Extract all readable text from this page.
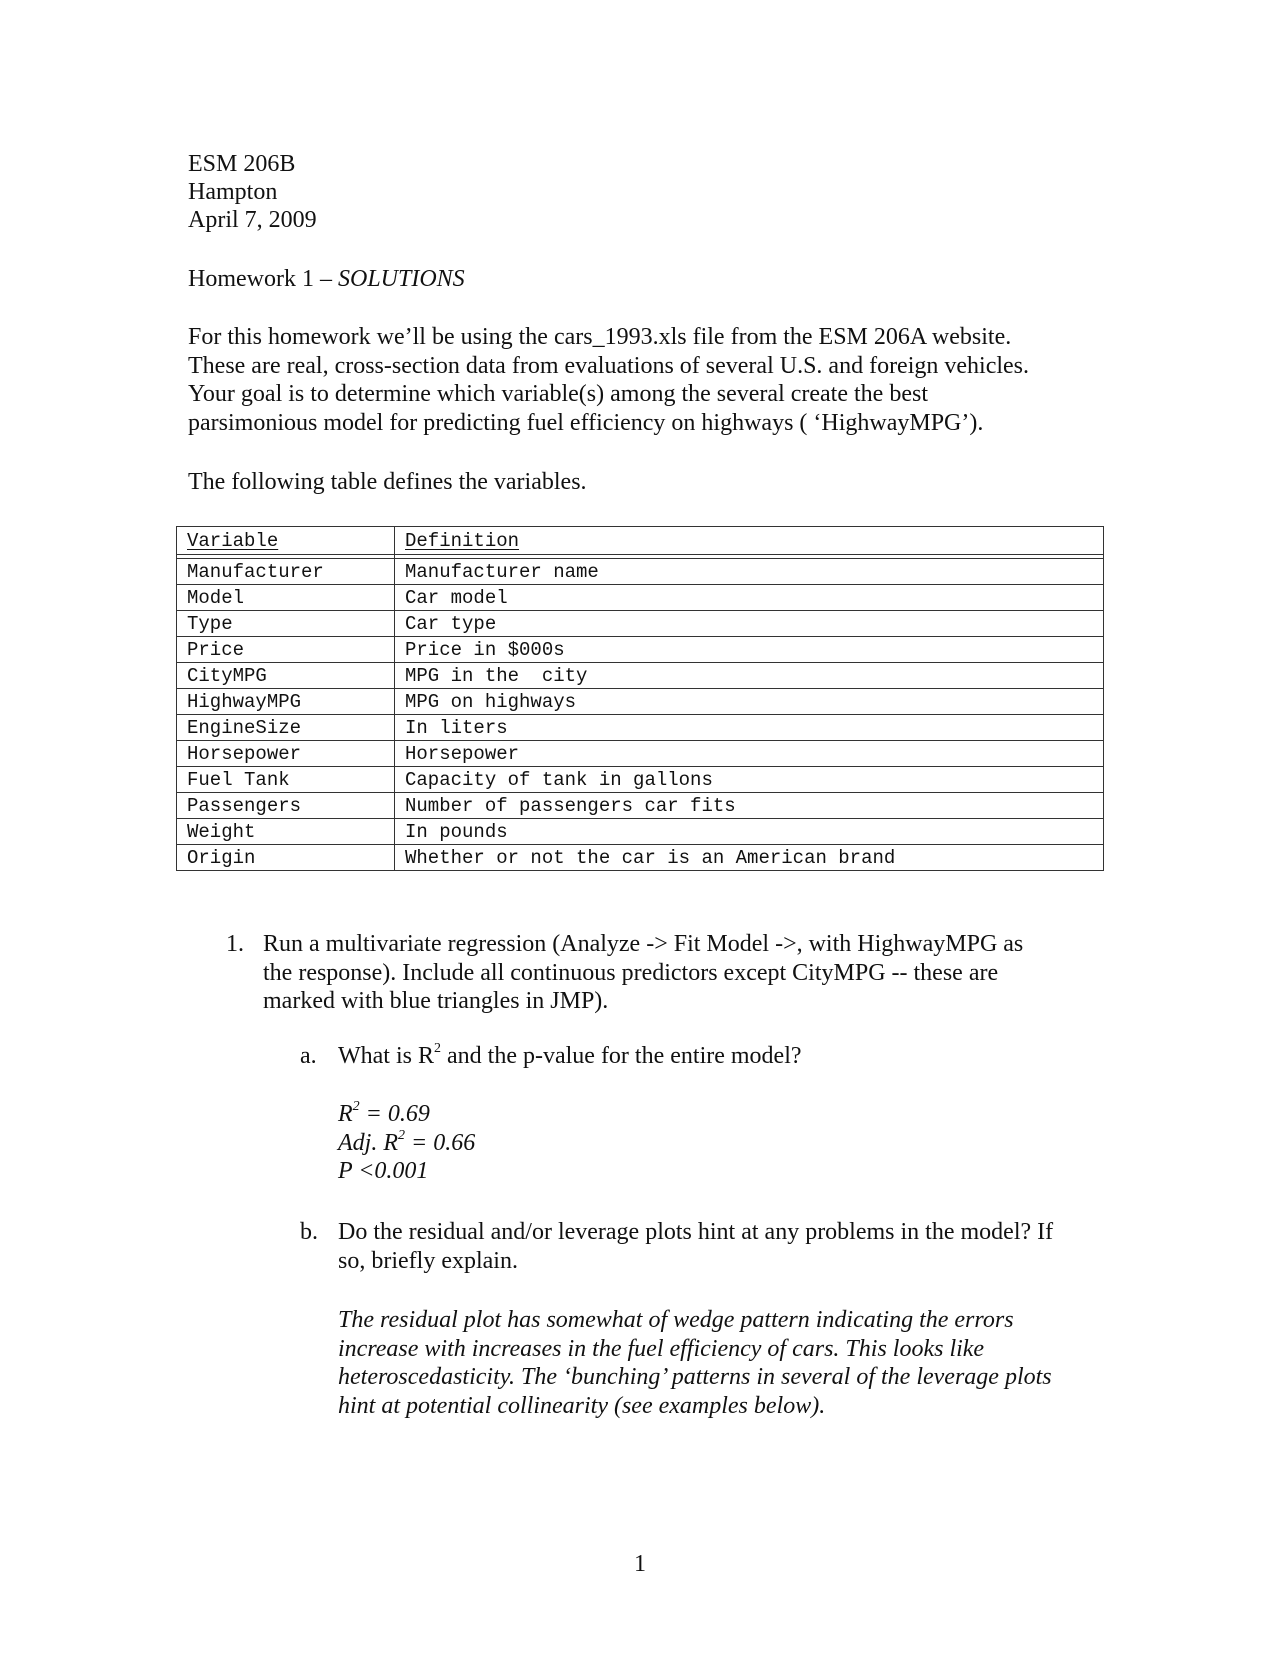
ESM 206B
Hampton
April 7, 2009
Homework 1 – SOLUTIONS
For this homework we’ll be using the cars_1993.xls file from the ESM 206A website.
These are real, cross-section data from evaluations of several U.S. and foreign vehicles.
Your goal is to determine which variable(s) among the several create the best
parsimonious model for predicting fuel efficiency on highways ( ‘HighwayMPG’).
The following table defines the variables.
Variable	Definition

Manufacturer	Manufacturer name
Model	Car model
Type	Car type
Price	Price in $000s
CityMPG	MPG in the  city
HighwayMPG	MPG on highways
EngineSize	In liters
Horsepower	Horsepower
Fuel Tank	Capacity of tank in gallons
Passengers	Number of passengers car fits
Weight	In pounds
Origin	Whether or not the car is an American brand
1. Run a multivariate regression (Analyze -> Fit Model ->, with HighwayMPG as
the response). Include all continuous predictors except CityMPG -- these are
marked with blue triangles in JMP).
a. What is $R^2$ and the p-value for the entire model?
$R^2 = 0.69$
Adj. $R^2 = 0.66$
P <0.001
b. Do the residual and/or leverage plots hint at any problems in the model? If
so, briefly explain.
The residual plot has somewhat of wedge pattern indicating the errors
increase with increases in the fuel efficiency of cars. This looks like
heteroscedasticity. The ‘bunching’ patterns in several of the leverage plots
hint at potential collinearity (see examples below).
1
